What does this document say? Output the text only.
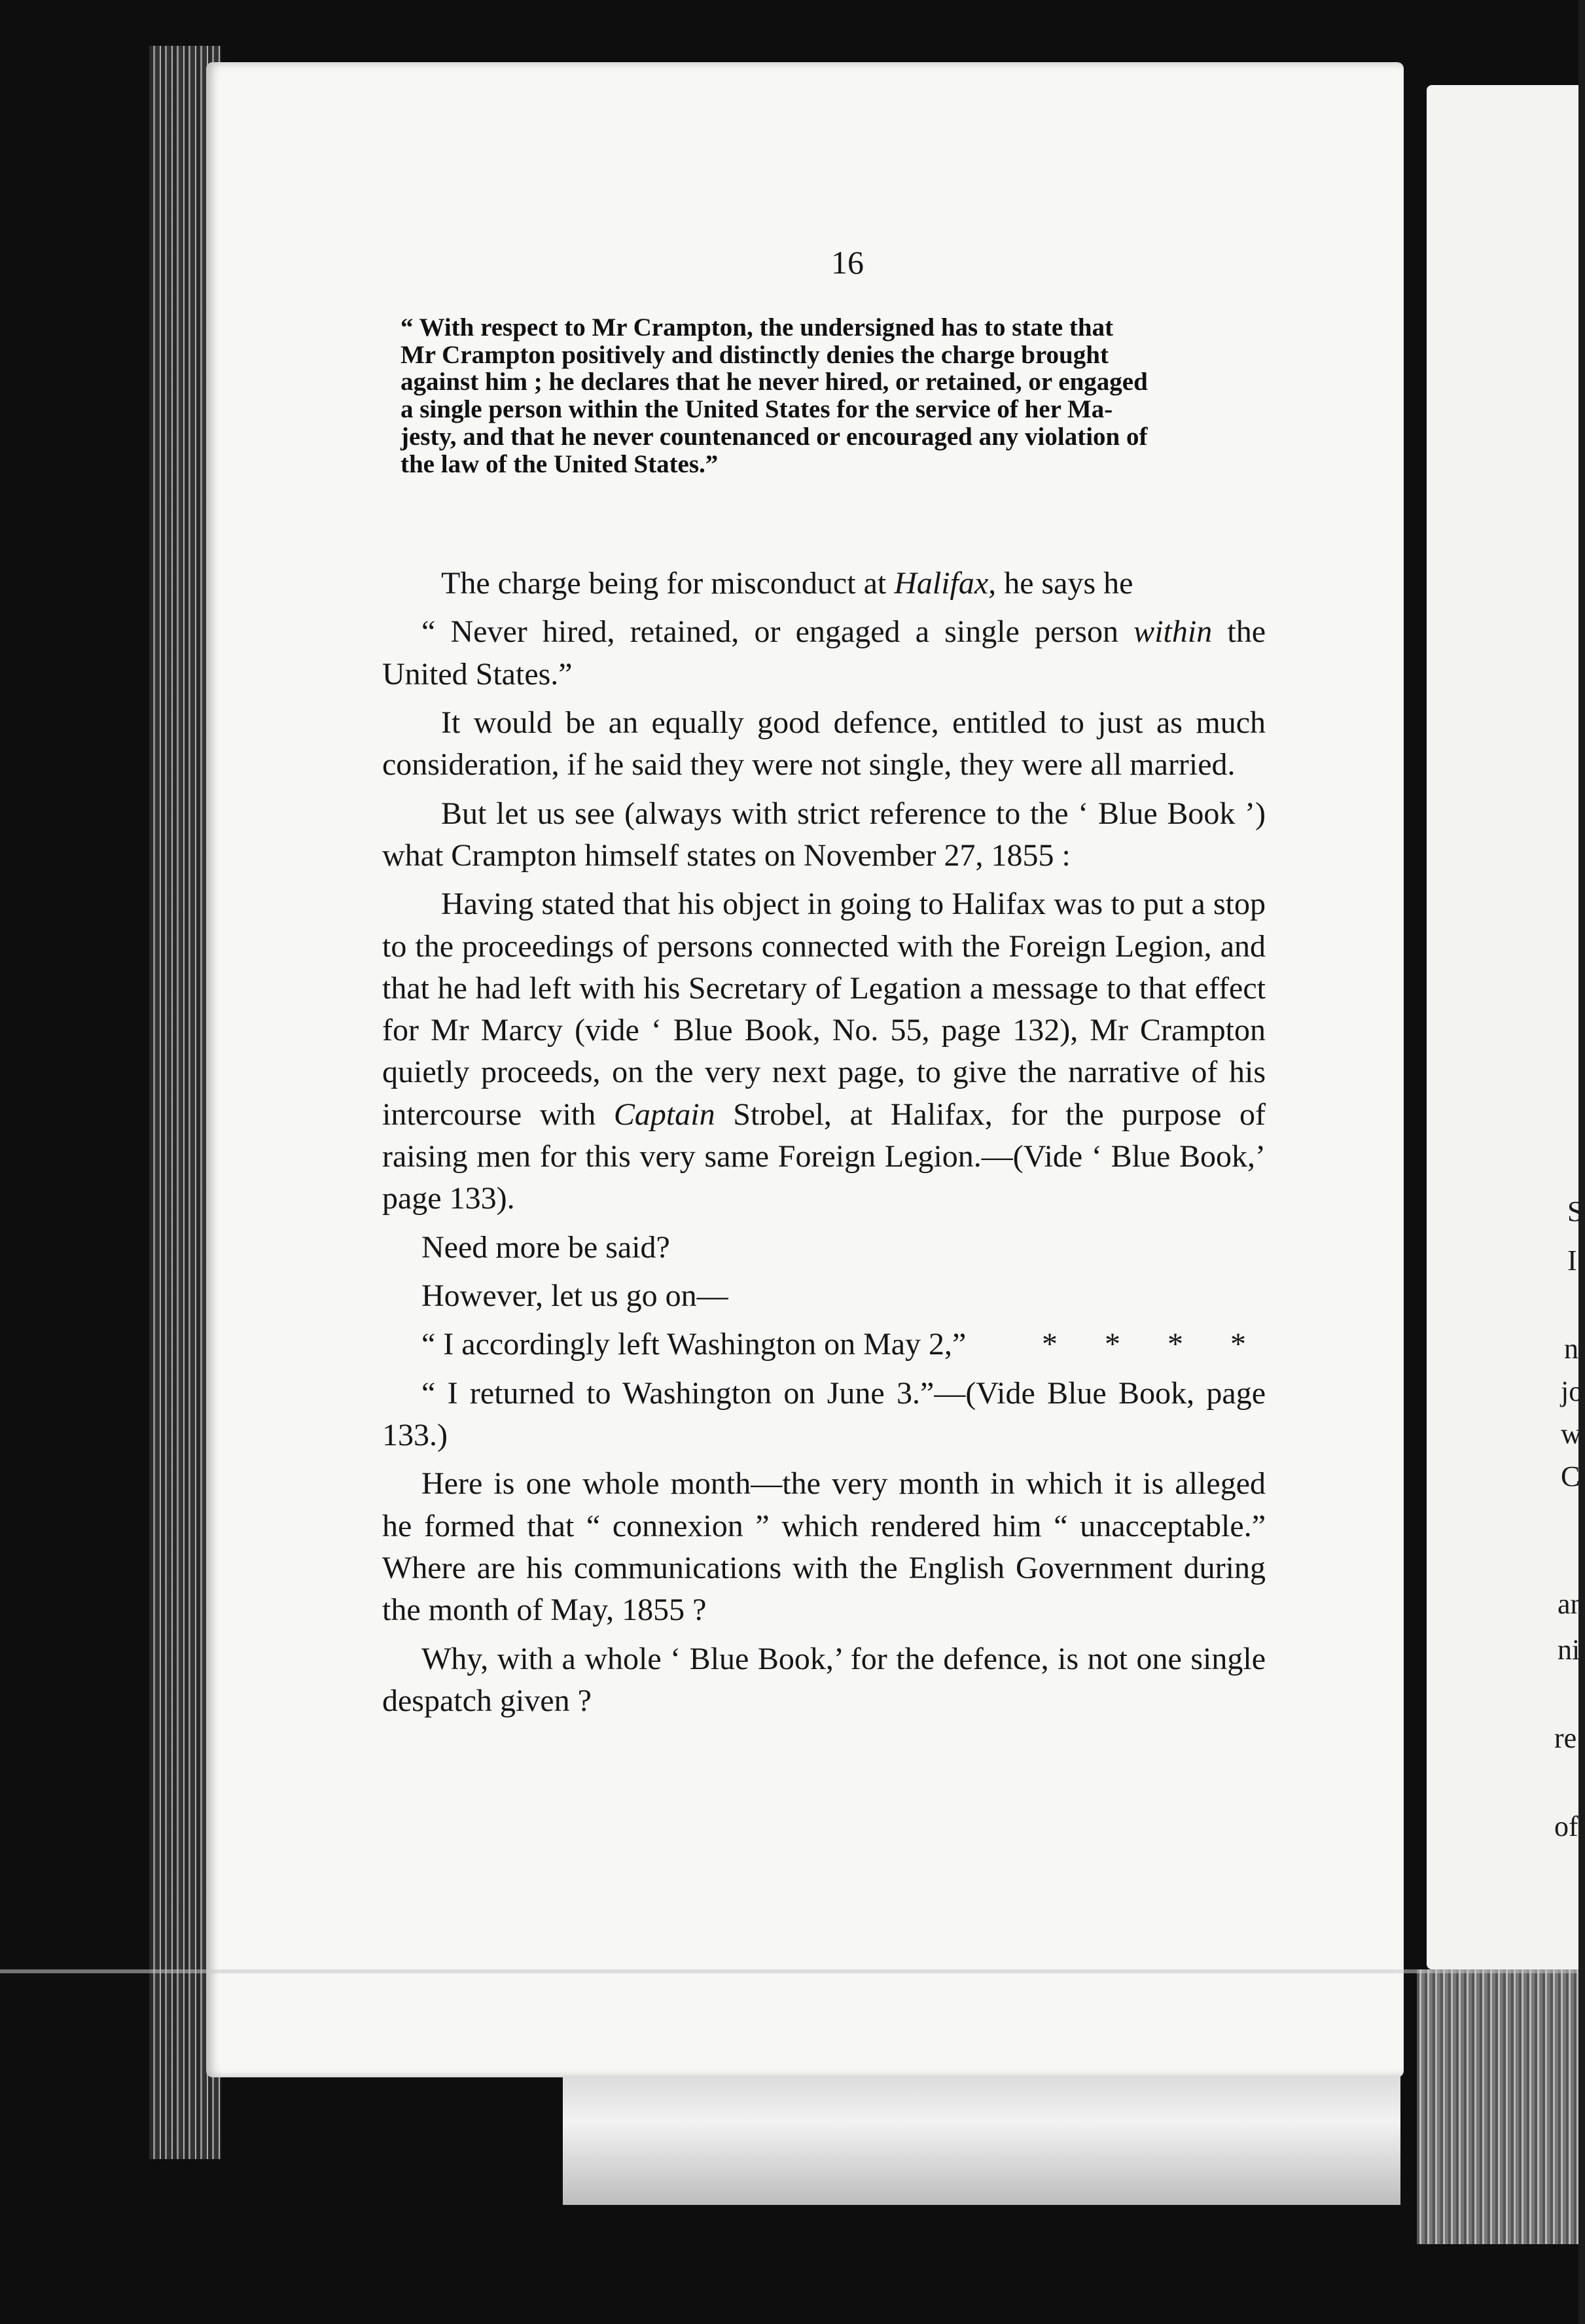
16
“ With respect to Mr Crampton, the undersigned has to state that
Mr Crampton positively and distinctly denies the charge brought
against him ; he declares that he never hired, or retained, or engaged
a single person within the United States for the service of her Ma-
jesty, and that he never countenanced or encouraged any violation of
the law of the United States.”

The charge being for misconduct at Halifax, he says he

“ Never hired, retained, or engaged a single person within the United States.”

It would be an equally good defence, entitled to just as much consideration, if he said they were not single, they were all married.

But let us see (always with strict reference to the ‘ Blue Book ’) what Crampton himself states on November 27, 1855 :

Having stated that his object in going to Halifax was to put a stop to the proceedings of persons connected with the Foreign Legion, and that he had left with his Secretary of Legation a message to that effect for Mr Marcy (vide ‘ Blue Book, No. 55, page 132), Mr Crampton quietly proceeds, on the very next page, to give the narrative of his intercourse with Captain Strobel, at Halifax, for the purpose of raising men for this very same Foreign Legion.—(Vide ‘ Blue Book,’ page 133).

Need more be said?

However, let us go on—

“ I accordingly left Washington on May 2,”	* * * *

“ I returned to Washington on June 3.”—(Vide Blue Book, page 133.)

Here is one whole month—the very month in which it is alleged he formed that “ connexion ” which rendered him “ unacceptable.” Where are his communications with the English Government during the month of May, 1855 ?

Why, with a whole ‘ Blue Book,’ for the defence, is not one single despatch given ?

S
I
n
jo
w
C
an
ni
re
of
